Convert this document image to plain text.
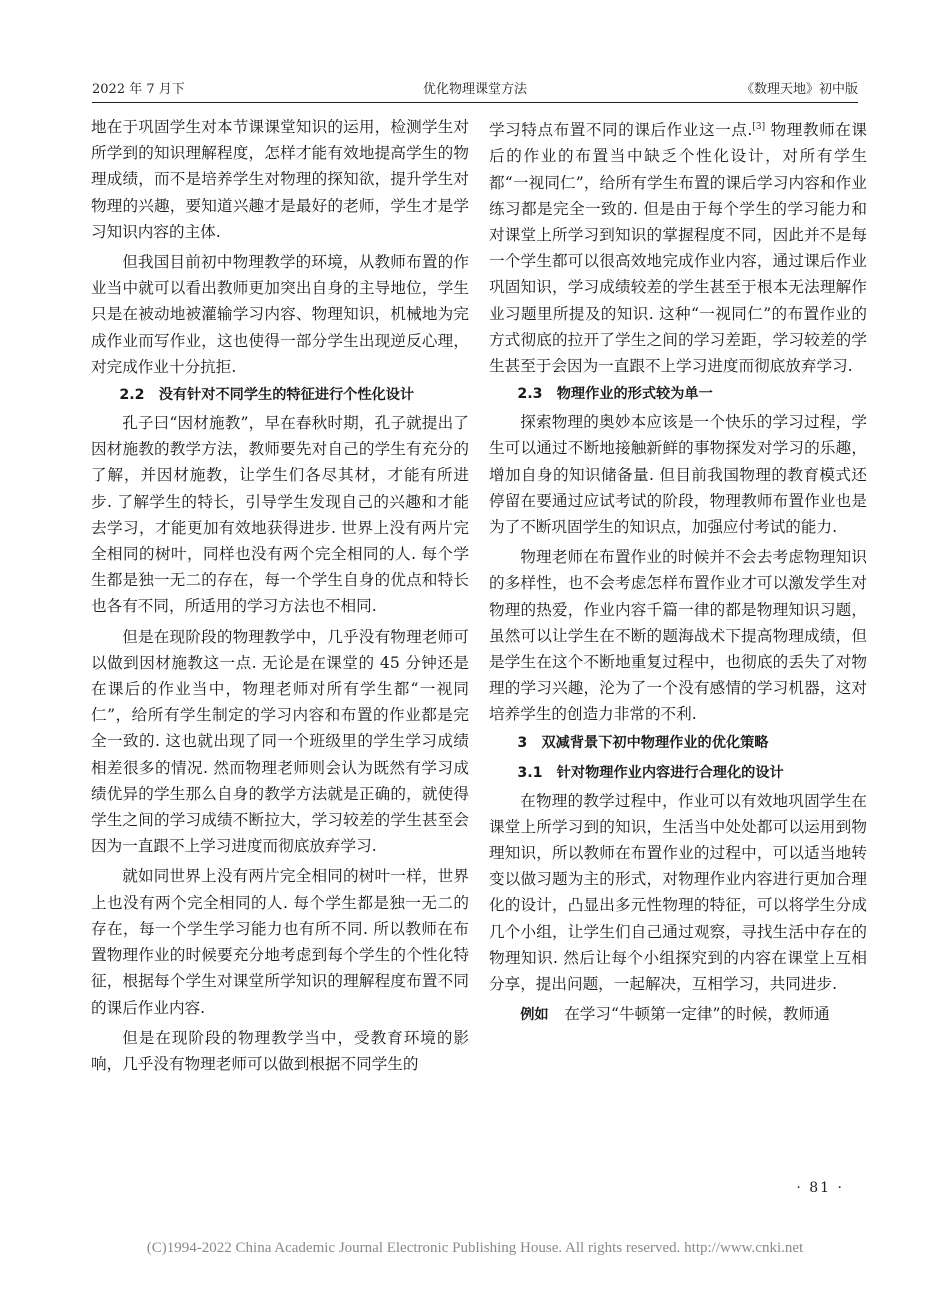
2022 年 7 月下	优化物理课堂方法	《数理天地》初中版

地在于巩固学生对本节课课堂知识的运用，检测学生对所学到的知识理解程度，怎样才能有效地提高学生的物理成绩，而不是培养学生对物理的探知欲，提升学生对物理的兴趣，要知道兴趣才是最好的老师，学生才是学习知识内容的主体.

但我国目前初中物理教学的环境，从教师布置的作业当中就可以看出教师更加突出自身的主导地位，学生只是在被动地被灌输学习内容、物理知识，机械地为完成作业而写作业，这也使得一部分学生出现逆反心理，对完成作业十分抗拒.

2.2 没有针对不同学生的特征进行个性化设计

孔子曰“因材施教”，早在春秋时期，孔子就提出了因材施教的教学方法，教师要先对自己的学生有充分的了解，并因材施教，让学生们各尽其材，才能有所进步. 了解学生的特长，引导学生发现自己的兴趣和才能去学习，才能更加有效地获得进步. 世界上没有两片完全相同的树叶，同样也没有两个完全相同的人. 每个学生都是独一无二的存在，每一个学生自身的优点和特长也各有不同，所适用的学习方法也不相同.

但是在现阶段的物理教学中，几乎没有物理老师可以做到因材施教这一点. 无论是在课堂的 45 分钟还是在课后的作业当中，物理老师对所有学生都“一视同仁”，给所有学生制定的学习内容和布置的作业都是完全一致的. 这也就出现了同一个班级里的学生学习成绩相差很多的情况. 然而物理老师则会认为既然有学习成绩优异的学生那么自身的教学方法就是正确的，就使得学生之间的学习成绩不断拉大，学习较差的学生甚至会因为一直跟不上学习进度而彻底放弃学习.

就如同世界上没有两片完全相同的树叶一样，世界上也没有两个完全相同的人. 每个学生都是独一无二的存在，每一个学生学习能力也有所不同. 所以教师在布置物理作业的时候要充分地考虑到每个学生的个性化特征，根据每个学生对课堂所学知识的理解程度布置不同的课后作业内容.

但是在现阶段的物理教学当中，受教育环境的影响，几乎没有物理老师可以做到根据不同学生的

学习特点布置不同的课后作业这一点.[3] 物理教师在课后的作业的布置当中缺乏个性化设计，对所有学生都“一视同仁”，给所有学生布置的课后学习内容和作业练习都是完全一致的. 但是由于每个学生的学习能力和对课堂上所学习到知识的掌握程度不同，因此并不是每一个学生都可以很高效地完成作业内容，通过课后作业巩固知识，学习成绩较差的学生甚至于根本无法理解作业习题里所提及的知识. 这种“一视同仁”的布置作业的方式彻底的拉开了学生之间的学习差距，学习较差的学生甚至于会因为一直跟不上学习进度而彻底放弃学习.

2.3 物理作业的形式较为单一

探索物理的奥妙本应该是一个快乐的学习过程，学生可以通过不断地接触新鲜的事物探发对学习的乐趣，增加自身的知识储备量. 但目前我国物理的教育模式还停留在要通过应试考试的阶段，物理教师布置作业也是为了不断巩固学生的知识点，加强应付考试的能力.

物理老师在布置作业的时候并不会去考虑物理知识的多样性，也不会考虑怎样布置作业才可以激发学生对物理的热爱，作业内容千篇一律的都是物理知识习题，虽然可以让学生在不断的题海战术下提高物理成绩，但是学生在这个不断地重复过程中，也彻底的丢失了对物理的学习兴趣，沦为了一个没有感情的学习机器，这对培养学生的创造力非常的不利.

3 双减背景下初中物理作业的优化策略
3.1 针对物理作业内容进行合理化的设计

在物理的教学过程中，作业可以有效地巩固学生在课堂上所学习到的知识，生活当中处处都可以运用到物理知识，所以教师在布置作业的过程中，可以适当地转变以做习题为主的形式，对物理作业内容进行更加合理化的设计，凸显出多元性物理的特征，可以将学生分成几个小组，让学生们自己通过观察，寻找生活中存在的物理知识. 然后让每个小组探究到的内容在课堂上互相分享，提出问题，一起解决，互相学习，共同进步.

例如 在学习“牛顿第一定律”的时候，教师通

· 81 ·
(C)1994-2022 China Academic Journal Electronic Publishing House. All rights reserved. http://www.cnki.net
